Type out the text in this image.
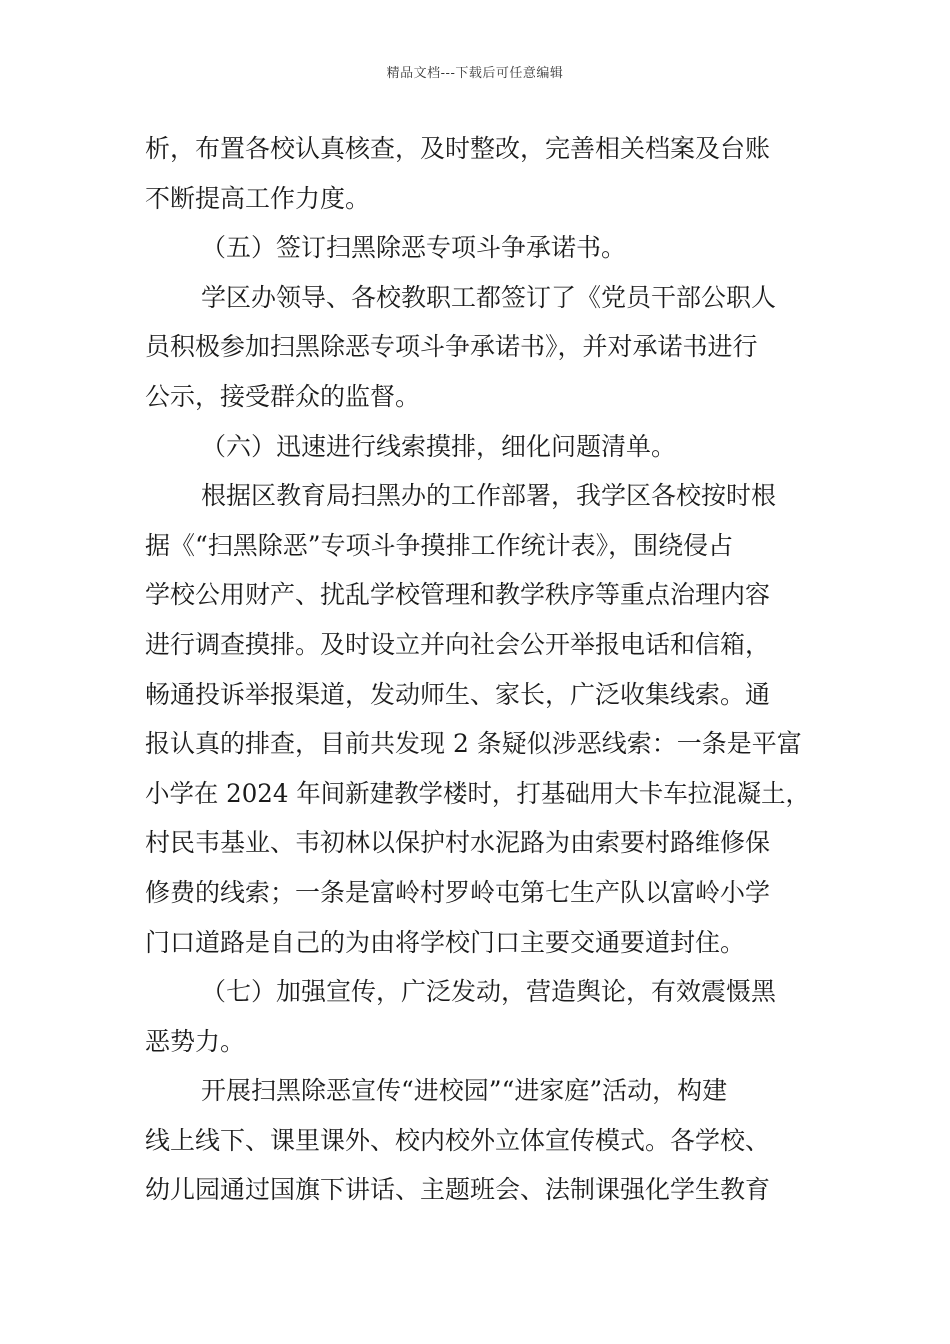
精品文档---下载后可任意编辑
析，布置各校认真核查，及时整改，完善相关档案及台账
不断提高工作力度。
（五）签订扫黑除恶专项斗争承诺书。
学区办领导、各校教职工都签订了《党员干部公职人
员积极参加扫黑除恶专项斗争承诺书》，并对承诺书进行
公示，接受群众的监督。
（六）迅速进行线索摸排，细化问题清单。
根据区教育局扫黑办的工作部署，我学区各校按时根
据《“扫黑除恶”专项斗争摸排工作统计表》，围绕侵占
学校公用财产、扰乱学校管理和教学秩序等重点治理内容
进行调查摸排。及时设立并向社会公开举报电话和信箱，
畅通投诉举报渠道，发动师生、家长，广泛收集线索。通
报认真的排查，目前共发现 2 条疑似涉恶线索：一条是平富
小学在 2024 年间新建教学楼时，打基础用大卡车拉混凝土，
村民韦基业、韦初林以保护村水泥路为由索要村路维修保
修费的线索；一条是富岭村罗岭屯第七生产队以富岭小学
门口道路是自己的为由将学校门口主要交通要道封住。
（七）加强宣传，广泛发动，营造舆论，有效震慑黑
恶势力。
开展扫黑除恶宣传“进校园”“进家庭”活动，构建
线上线下、课里课外、校内校外立体宣传模式。各学校、
幼儿园通过国旗下讲话、主题班会、法制课强化学生教育
